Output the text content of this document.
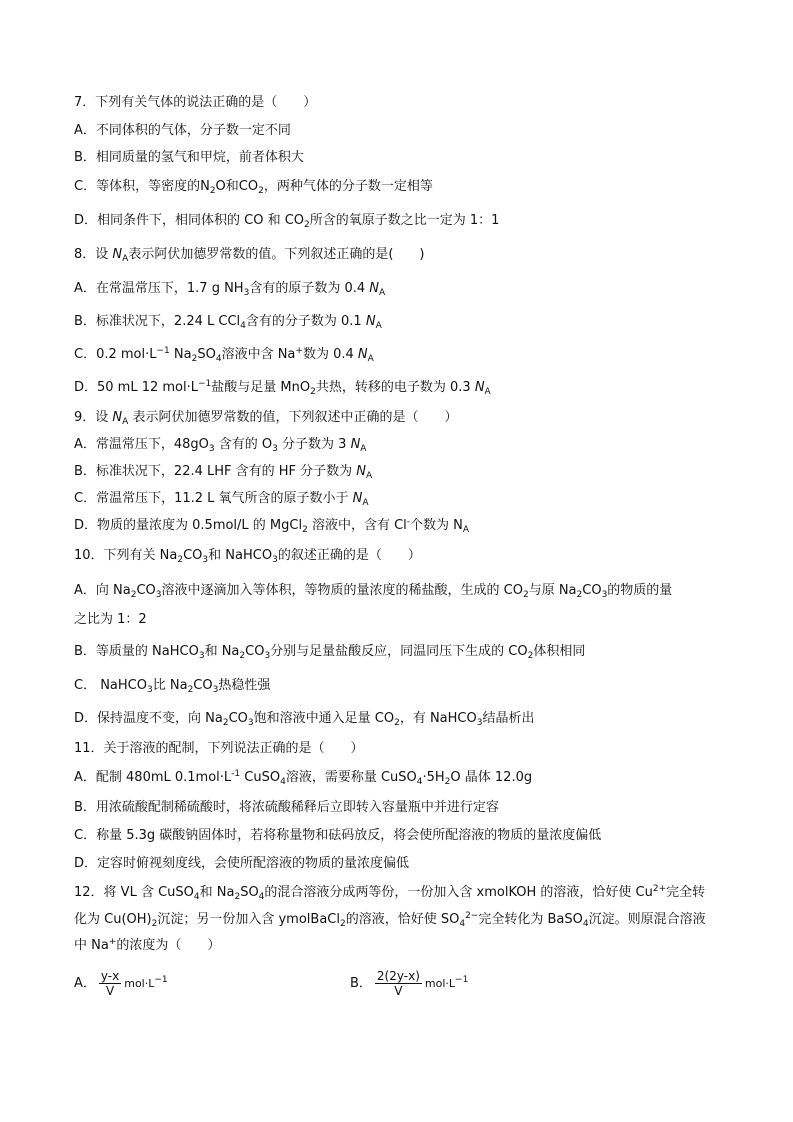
7．下列有关气体的说法正确的是（　　）
A．不同体积的气体，分子数一定不同
B．相同质量的氢气和甲烷，前者体积大
C．等体积，等密度的$N_2O$和$CO_2$，两种气体的分子数一定相等
D．相同条件下，相同体积的 CO 和 $CO_2$所含的氧原子数之比一定为 1：1
8．设 $N_A$表示阿伏加德罗常数的值。下列叙述正确的是(　　)
A．在常温常压下，1.7 g $NH_3$含有的原子数为 0.4 $N_A$
B．标准状况下，2.24 L CCl$_4$含有的分子数为 0.1 $N_A$
C．0.2 $mol\cdot L^{-1}$ $Na_2SO_4$溶液中含 Na+数为 0.4 $N_A$
D．50 mL 12 $mol\cdot L^{-1}$盐酸与足量 MnO$_2$共热，转移的电子数为 0.3 $N_A$
9．设 $N_A$ 表示阿伏加德罗常数的值，下列叙述中正确的是（　　）
A．常温常压下，$48gO_3$ 含有的 $O_3$ 分子数为 3 $N_A$
B．标准状况下，22.4 LHF 含有的 HF 分子数为 $N_A$
C．常温常压下，11.2 L 氧气所含的原子数小于 $N_A$
D．物质的量浓度为 0.5mol/L 的 MgCl$_2$ 溶液中，含有 Cl-个数为 $N_A$
10．下列有关 $Na_2CO_3$和 NaHCO$_3$的叙述正确的是（　　）
A．向 $Na_2CO_3$溶液中逐滴加入等体积，等物质的量浓度的稀盐酸，生成的 $CO_2$与原 $Na_2CO_3$的物质的量
之比为 1：2
B．等质量的 NaHCO$_3$和 $Na_2CO_3$分别与足量盐酸反应，同温同压下生成的 $CO_2$体积相同
C． NaHCO$_3$比 $Na_2CO_3$热稳性强
D．保持温度不变，向 $Na_2CO_3$饱和溶液中通入足量 $CO_2$，有 NaHCO$_3$结晶析出
11．关于溶液的配制，下列说法正确的是（　　）
A．配制 480mL $0.1mol\cdot L^{-1}$ CuSO$_4$溶液，需要称量 $CuSO_4\cdot 5H_2O$ 晶体 12.0g
B．用浓硫酸配制稀硫酸时，将浓硫酸稀释后立即转入容量瓶中并进行定容
C．称量 5.3g 碳酸钠固体时，若将称量物和砝码放反，将会使所配溶液的物质的量浓度偏低
D．定容时俯视刻度线，会使所配溶液的物质的量浓度偏低
12．将 VL 含 CuSO$_4$和 $Na_2SO_4$的混合溶液分成两等份，一份加入含 xmolKOH 的溶液，恰好使 $Cu^{2+}$完全转
化为 $Cu(OH)_2$沉淀；另一份加入含 ymolBaCl$_2$的溶液，恰好使 $SO_4^{2-}$完全转化为 BaSO$_4$沉淀。则原混合溶液
中 Na+的浓度为（　　）
A． $\frac{y-x}{V} mol\cdot L^{-1}$	B． $\frac{2(2y-x)}{V} mol\cdot L^{-1}$
